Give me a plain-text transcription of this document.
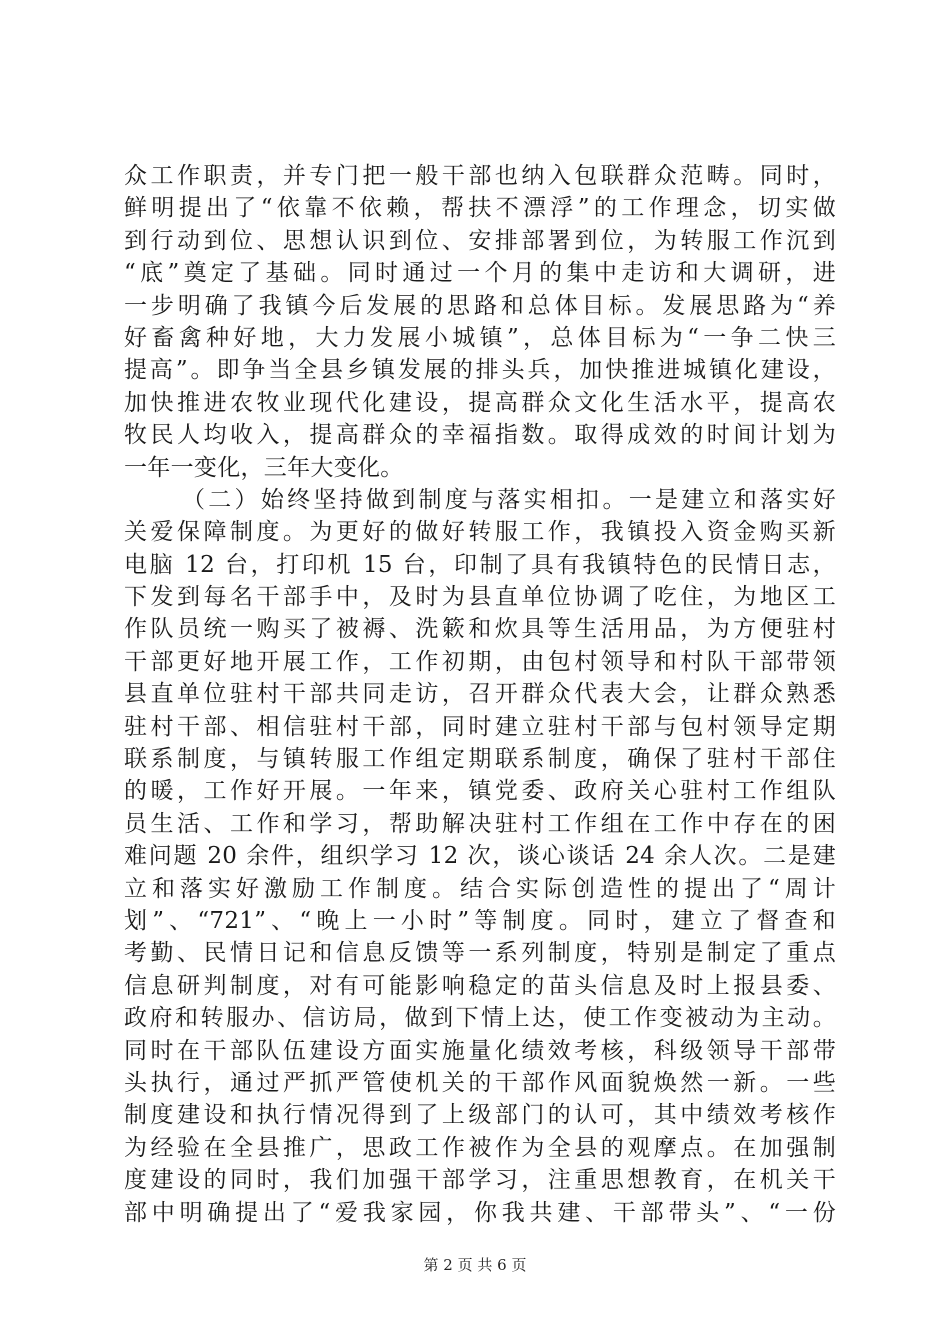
众工作职责，并专门把一般干部也纳入包联群众范畴。同时，
鲜明提出了“依靠不依赖，帮扶不漂浮”的工作理念，切实做
到行动到位、思想认识到位、安排部署到位，为转服工作沉到
“底”奠定了基础。同时通过一个月的集中走访和大调研，进
一步明确了我镇今后发展的思路和总体目标。发展思路为“养
好畜禽种好地，大力发展小城镇”，总体目标为“一争二快三
提高”。即争当全县乡镇发展的排头兵，加快推进城镇化建设，
加快推进农牧业现代化建设，提高群众文化生活水平，提高农
牧民人均收入，提高群众的幸福指数。取得成效的时间计划为
一年一变化，三年大变化。
（二）始终坚持做到制度与落实相扣。一是建立和落实好
关爱保障制度。为更好的做好转服工作，我镇投入资金购买新
电脑 12 台，打印机 15 台，印制了具有我镇特色的民情日志，
下发到每名干部手中，及时为县直单位协调了吃住，为地区工
作队员统一购买了被褥、洗簌和炊具等生活用品，为方便驻村
干部更好地开展工作，工作初期，由包村领导和村队干部带领
县直单位驻村干部共同走访，召开群众代表大会，让群众熟悉
驻村干部、相信驻村干部，同时建立驻村干部与包村领导定期
联系制度，与镇转服工作组定期联系制度，确保了驻村干部住
的暖，工作好开展。一年来，镇党委、政府关心驻村工作组队
员生活、工作和学习，帮助解决驻村工作组在工作中存在的困
难问题 20 余件，组织学习 12 次，谈心谈话 24 余人次。二是建
立和落实好激励工作制度。结合实际创造性的提出了“周计
划”、“721”、“晚上一小时”等制度。同时，建立了督查和
考勤、民情日记和信息反馈等一系列制度，特别是制定了重点
信息研判制度，对有可能影响稳定的苗头信息及时上报县委、
政府和转服办、信访局，做到下情上达，使工作变被动为主动。
同时在干部队伍建设方面实施量化绩效考核，科级领导干部带
头执行，通过严抓严管使机关的干部作风面貌焕然一新。一些
制度建设和执行情况得到了上级部门的认可，其中绩效考核作
为经验在全县推广，思政工作被作为全县的观摩点。在加强制
度建设的同时，我们加强干部学习，注重思想教育，在机关干
部中明确提出了“爱我家园，你我共建、干部带头”、“一份
第 2 页 共 6 页
